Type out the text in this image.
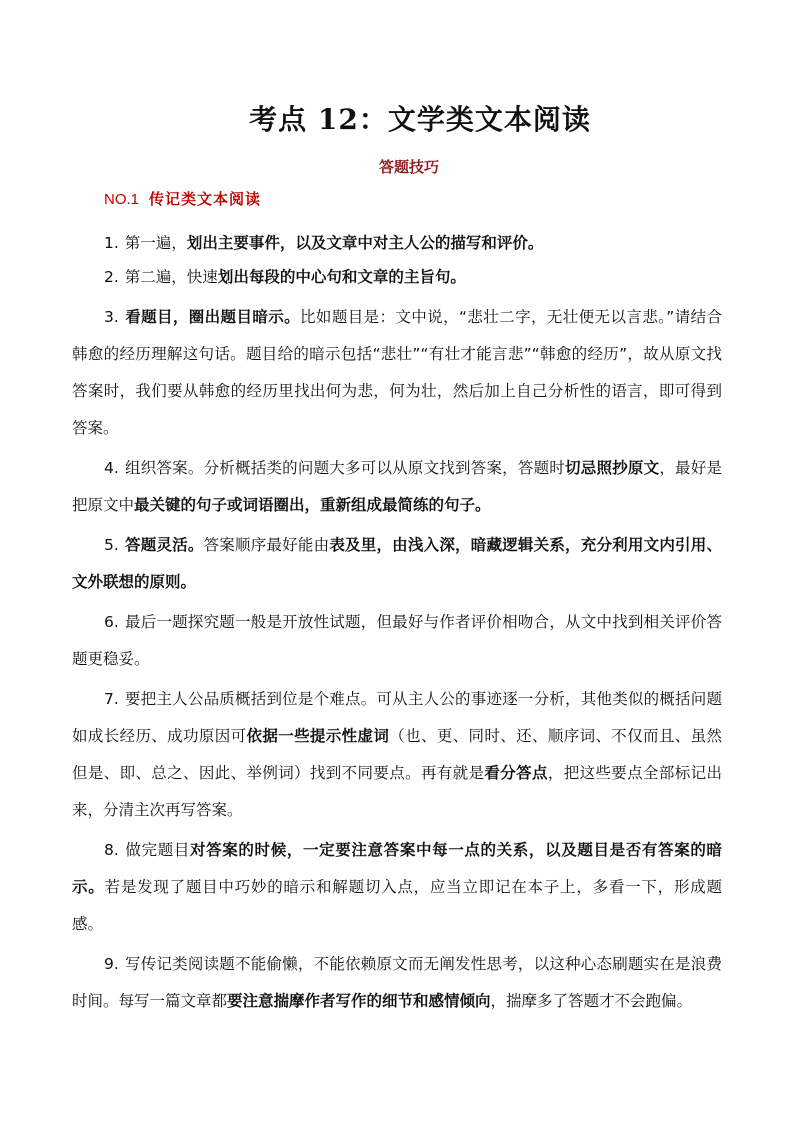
考点 12：文学类文本阅读
答题技巧
NO.1 传记类文本阅读

1. 第一遍，划出主要事件，以及文章中对主人公的描写和评价。

2. 第二遍，快速划出每段的中心句和文章的主旨句。

3. 看题目，圈出题目暗示。比如题目是：文中说，“悲壮二字，无壮便无以言悲。”请结合韩愈的经历理解这句话。题目给的暗示包括“悲壮”“有壮才能言悲”“韩愈的经历”，故从原文找答案时，我们要从韩愈的经历里找出何为悲，何为壮，然后加上自己分析性的语言，即可得到答案。

4. 组织答案。分析概括类的问题大多可以从原文找到答案，答题时切忌照抄原文，最好是把原文中最关键的句子或词语圈出，重新组成最简练的句子。

5. 答题灵活。答案顺序最好能由表及里，由浅入深，暗藏逻辑关系，充分利用文内引用、文外联想的原则。

6. 最后一题探究题一般是开放性试题，但最好与作者评价相吻合，从文中找到相关评价答题更稳妥。

7. 要把主人公品质概括到位是个难点。可从主人公的事迹逐一分析，其他类似的概括问题如成长经历、成功原因可依据一些提示性虚词（也、更、同时、还、顺序词、不仅而且、虽然但是、即、总之、因此、举例词）找到不同要点。再有就是看分答点，把这些要点全部标记出来，分清主次再写答案。

8. 做完题目对答案的时候，一定要注意答案中每一点的关系，以及题目是否有答案的暗示。若是发现了题目中巧妙的暗示和解题切入点，应当立即记在本子上，多看一下，形成题感。

9. 写传记类阅读题不能偷懒，不能依赖原文而无阐发性思考，以这种心态刷题实在是浪费时间。每写一篇文章都要注意揣摩作者写作的细节和感情倾向，揣摩多了答题才不会跑偏。
